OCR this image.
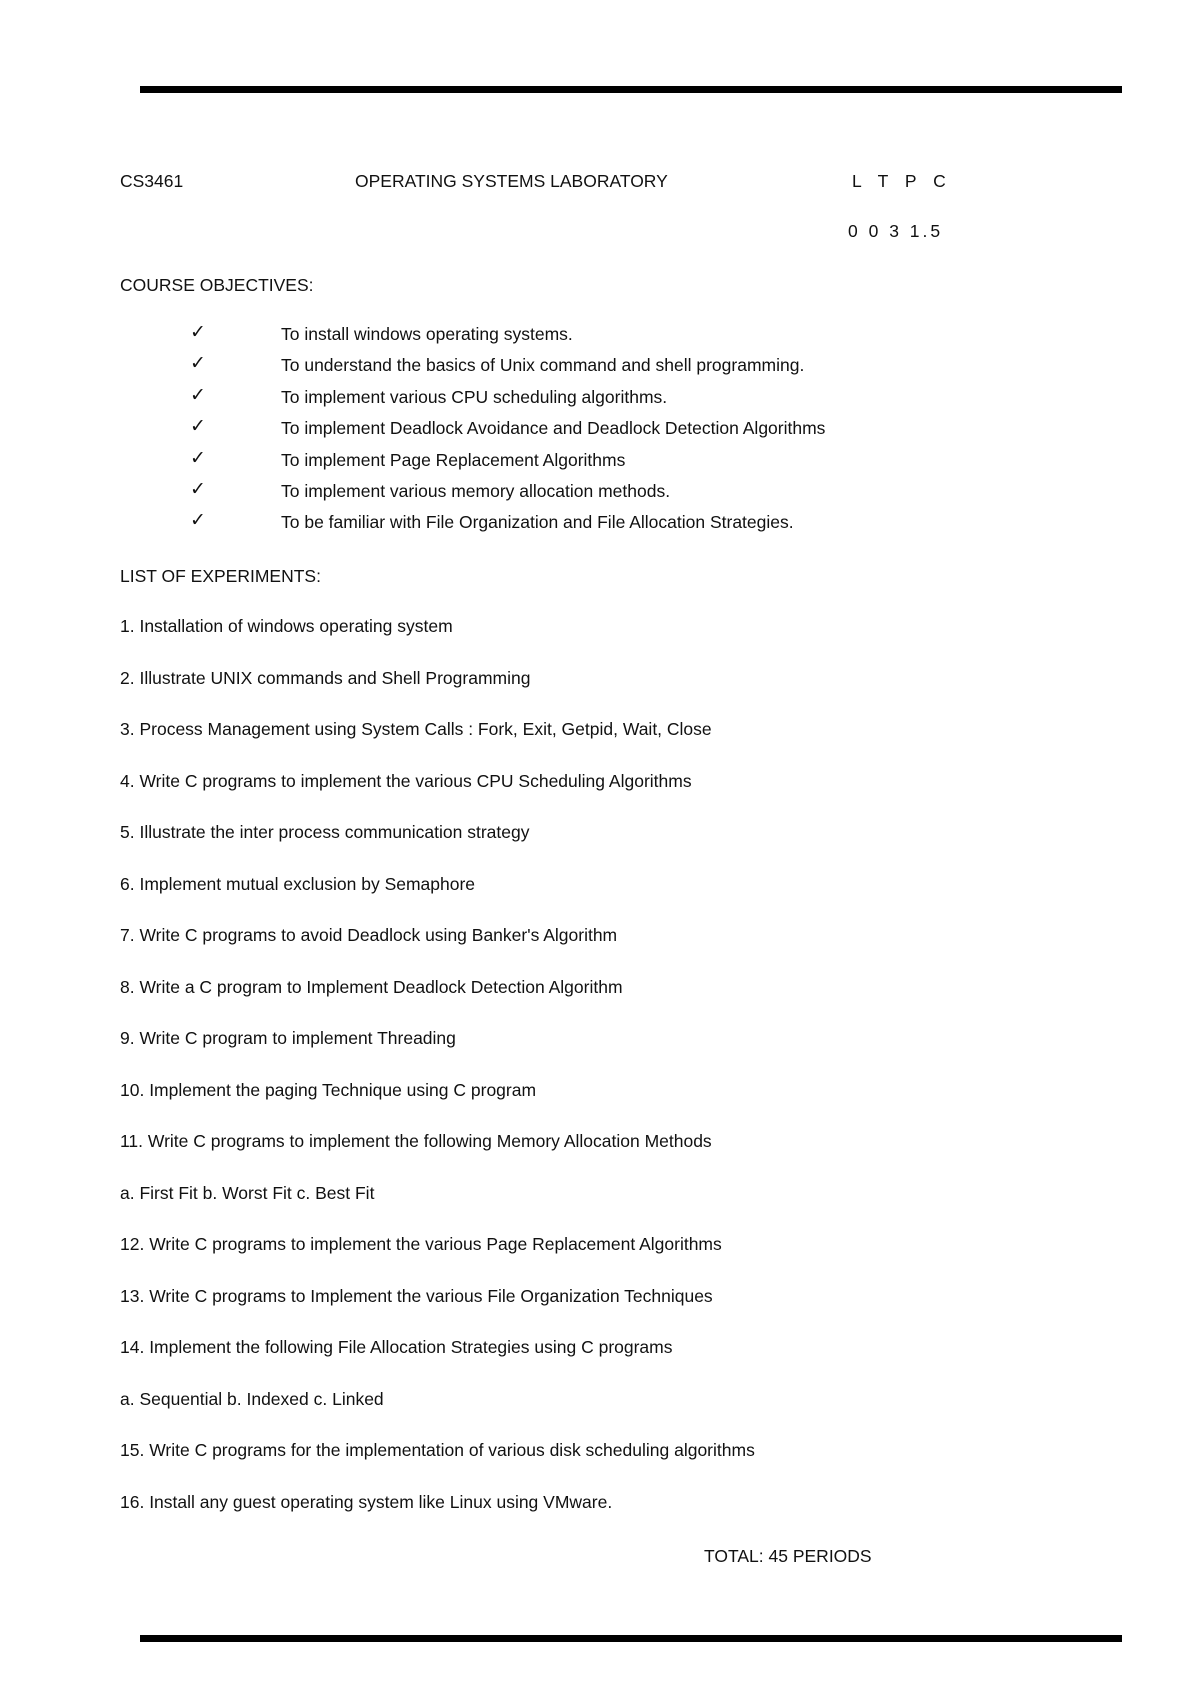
CS3461	OPERATING SYSTEMS LABORATORY	L T P C
0 0 3 1.5
COURSE OBJECTIVES:
✓	To install windows operating systems.
✓	To understand the basics of Unix command and shell programming.
✓	To implement various CPU scheduling algorithms.
✓	To implement Deadlock Avoidance and Deadlock Detection Algorithms
✓	To implement Page Replacement Algorithms
✓	To implement various memory allocation methods.
✓	To be familiar with File Organization and File Allocation Strategies.
LIST OF EXPERIMENTS:
1. Installation of windows operating system
2. Illustrate UNIX commands and Shell Programming
3. Process Management using System Calls : Fork, Exit, Getpid, Wait, Close
4. Write C programs to implement the various CPU Scheduling Algorithms
5. Illustrate the inter process communication strategy
6. Implement mutual exclusion by Semaphore
7. Write C programs to avoid Deadlock using Banker's Algorithm
8. Write a C program to Implement Deadlock Detection Algorithm
9. Write C program to implement Threading
10. Implement the paging Technique using C program
11. Write C programs to implement the following Memory Allocation Methods
a. First Fit b. Worst Fit c. Best Fit
12. Write C programs to implement the various Page Replacement Algorithms
13. Write C programs to Implement the various File Organization Techniques
14. Implement the following File Allocation Strategies using C programs
a. Sequential b. Indexed c. Linked
15. Write C programs for the implementation of various disk scheduling algorithms
16. Install any guest operating system like Linux using VMware.
TOTAL: 45 PERIODS
